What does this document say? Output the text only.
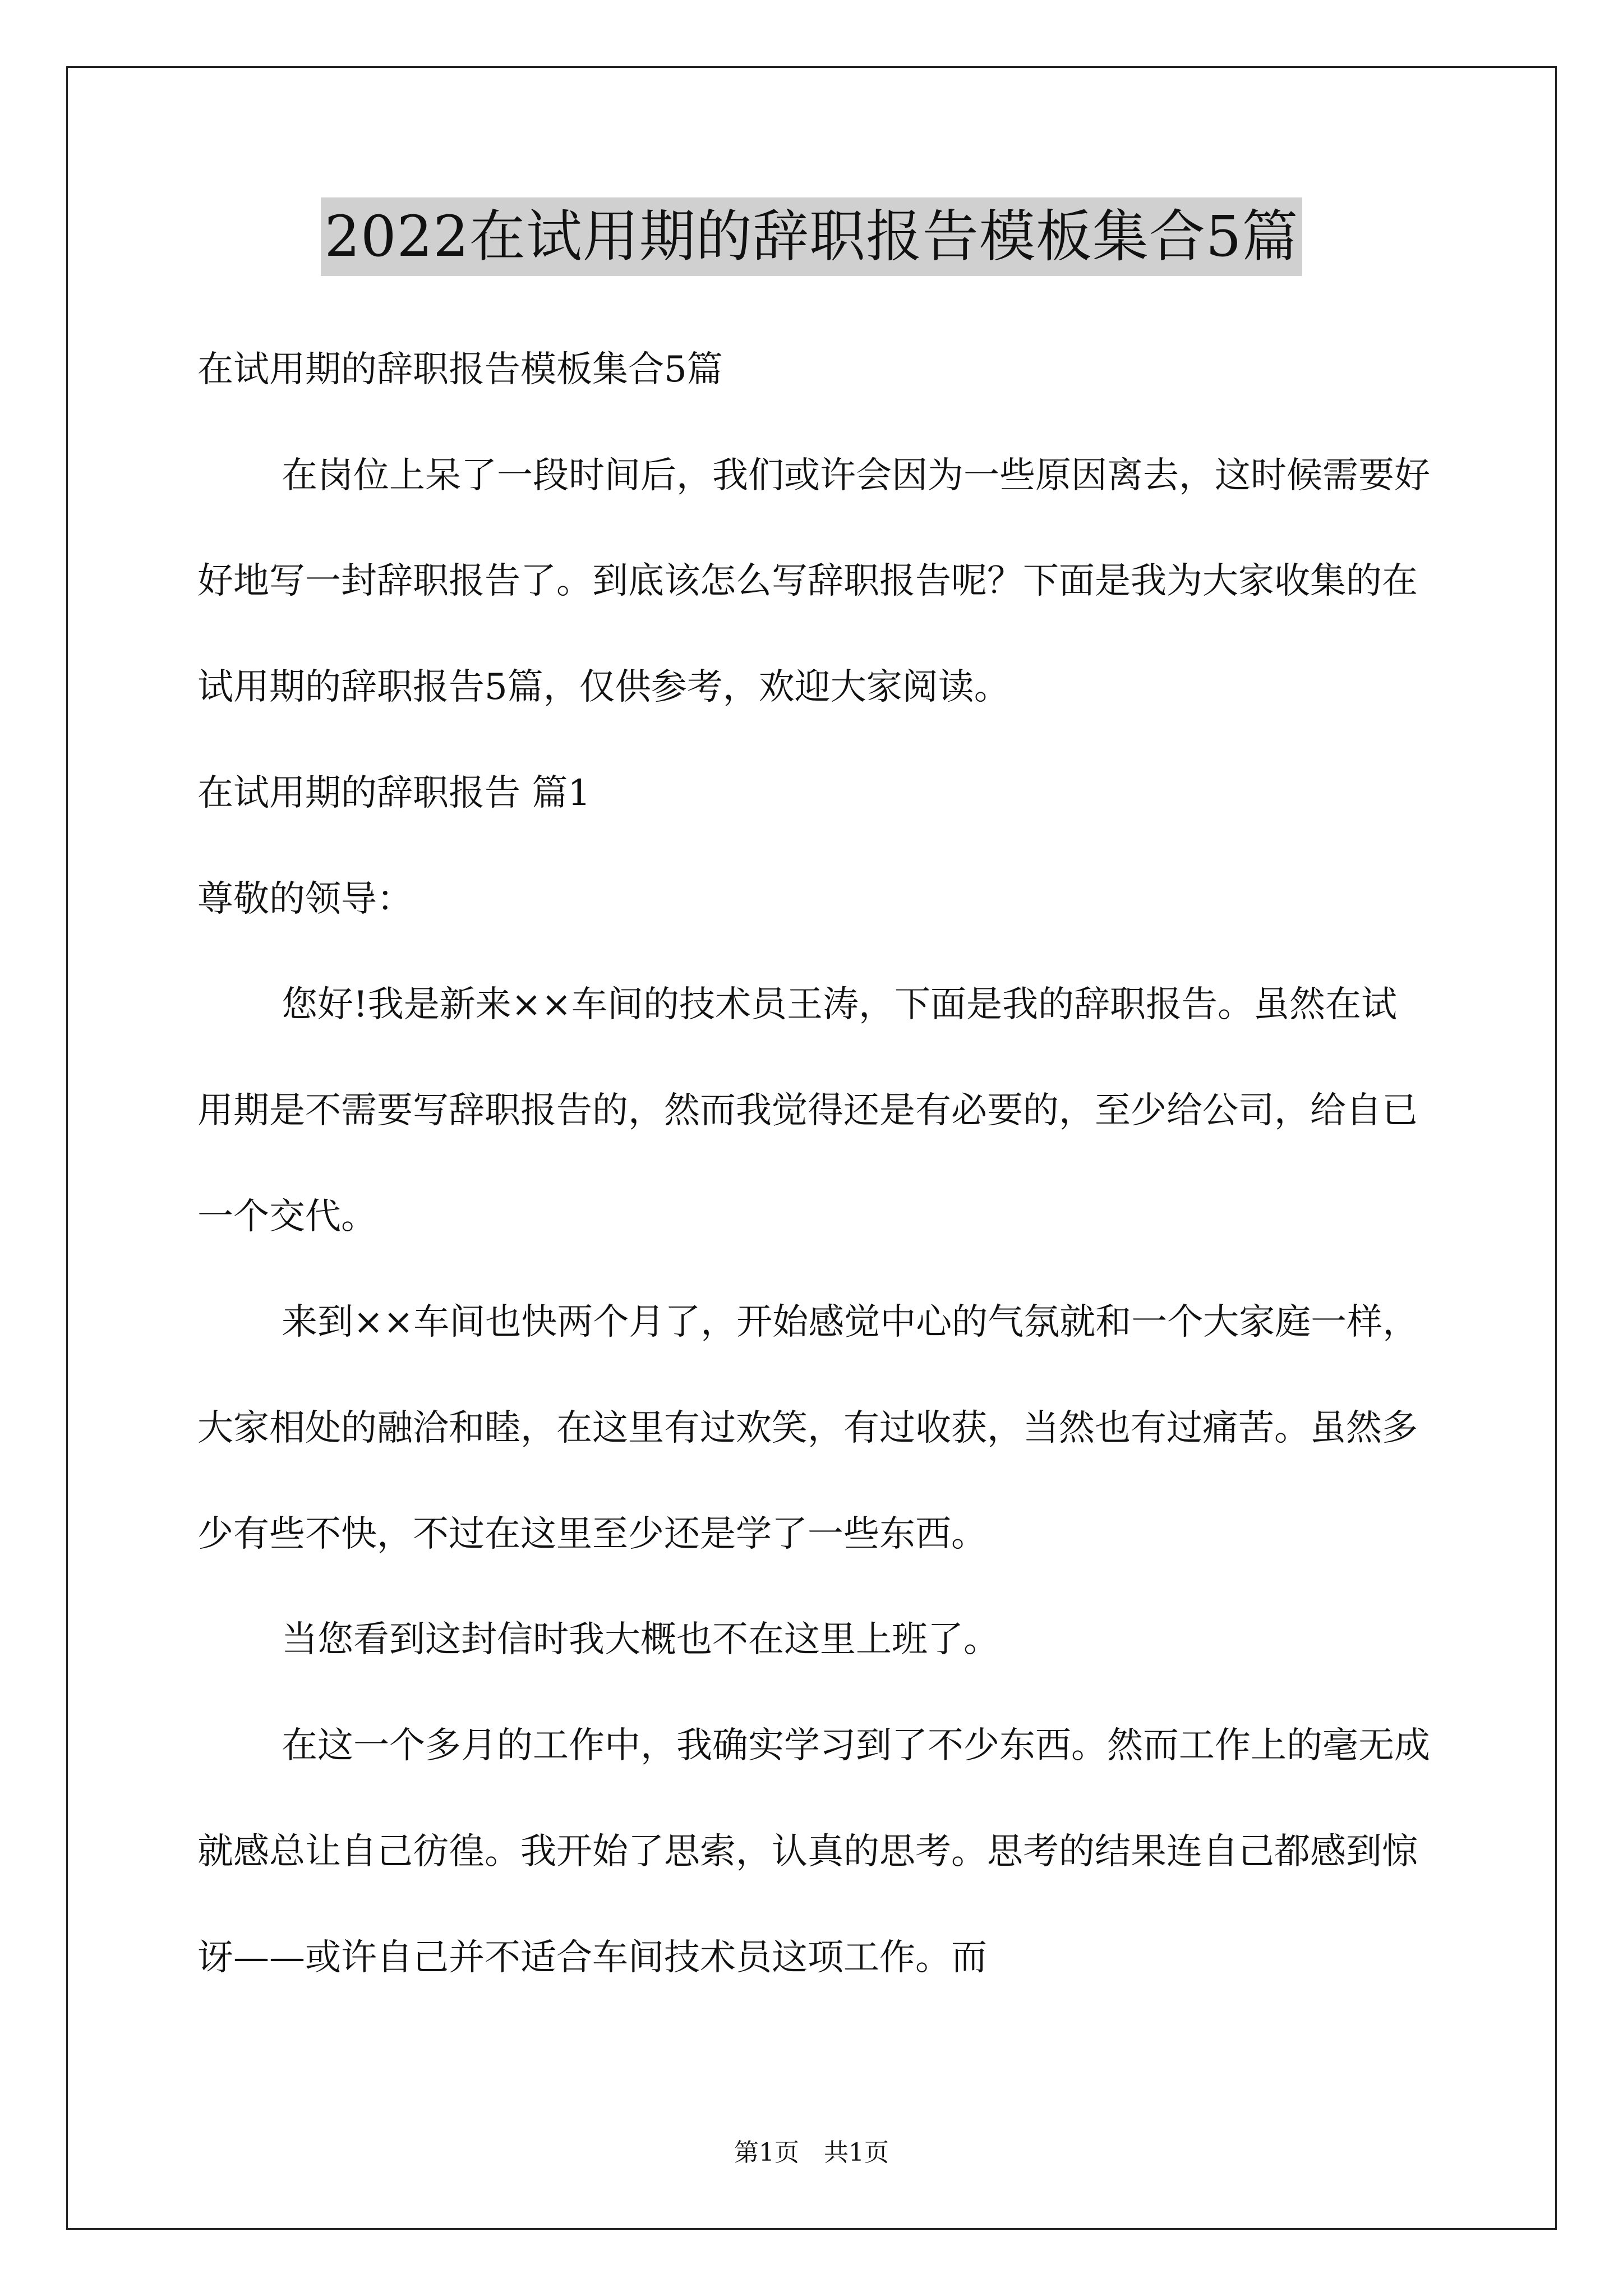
2022在试用期的辞职报告模板集合5篇

在试用期的辞职报告模板集合5篇

在岗位上呆了一段时间后，我们或许会因为一些原因离去，这时候需要好好地写一封辞职报告了。到底该怎么写辞职报告呢？下面是我为大家收集的在试用期的辞职报告5篇，仅供参考，欢迎大家阅读。

在试用期的辞职报告 篇1

尊敬的领导：

您好!我是新来××车间的技术员王涛，下面是我的辞职报告。虽然在试用期是不需要写辞职报告的，然而我觉得还是有必要的，至少给公司，给自已一个交代。

来到××车间也快两个月了，开始感觉中心的气氛就和一个大家庭一样，大家相处的融洽和睦，在这里有过欢笑，有过收获，当然也有过痛苦。虽然多少有些不快，不过在这里至少还是学了一些东西。

当您看到这封信时我大概也不在这里上班了。

在这一个多月的工作中，我确实学习到了不少东西。然而工作上的毫无成就感总让自己彷徨。我开始了思索，认真的思考。思考的结果连自己都感到惊讶——或许自己并不适合车间技术员这项工作。而

第1页　共1页
